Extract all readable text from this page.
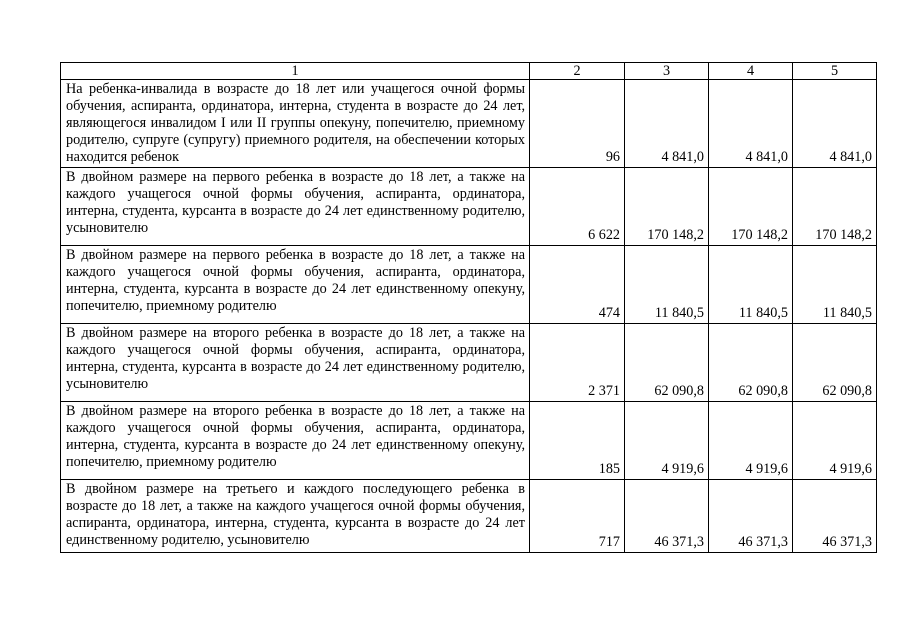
1	2	3	4	5
На ребенка-инвалида в возрасте до 18 лет или учащегося очной формы обучения, аспиранта, ординатора, интерна, студента в возрасте до 24 лет, являющегося инвалидом I или II группы опекуну, попечителю, приемному родителю, супруге (супругу) приемного родителя, на обеспечении которых находится ребенок	96	4 841,0	4 841,0	4 841,0
В двойном размере на первого ребенка в возрасте до 18 лет, а также на каждого учащегося очной формы обучения, аспиранта, ординатора, интерна, студента, курсанта в возрасте до 24 лет единственному родителю, усыновителю	6 622	170 148,2	170 148,2	170 148,2
В двойном размере на первого ребенка в возрасте до 18 лет, а также на каждого учащегося очной формы обучения, аспиранта, ординатора, интерна, студента, курсанта в возрасте до 24 лет единственному опекуну, попечителю, приемному родителю	474	11 840,5	11 840,5	11 840,5
В двойном размере на второго ребенка в возрасте до 18 лет, а также на каждого учащегося очной формы обучения, аспиранта, ординатора, интерна, студента, курсанта в возрасте до 24 лет единственному родителю, усыновителю	2 371	62 090,8	62 090,8	62 090,8
В двойном размере на второго ребенка в возрасте до 18 лет, а также на каждого учащегося очной формы обучения, аспиранта, ординатора, интерна, студента, курсанта в возрасте до 24 лет единственному опекуну, попечителю, приемному родителю	185	4 919,6	4 919,6	4 919,6
В двойном размере на третьего и каждого последующего ребенка в возрасте до 18 лет, а также на каждого учащегося очной формы обучения, аспиранта, ординатора, интерна, студента, курсанта в возрасте до 24 лет единственному родителю, усыновителю	717	46 371,3	46 371,3	46 371,3
